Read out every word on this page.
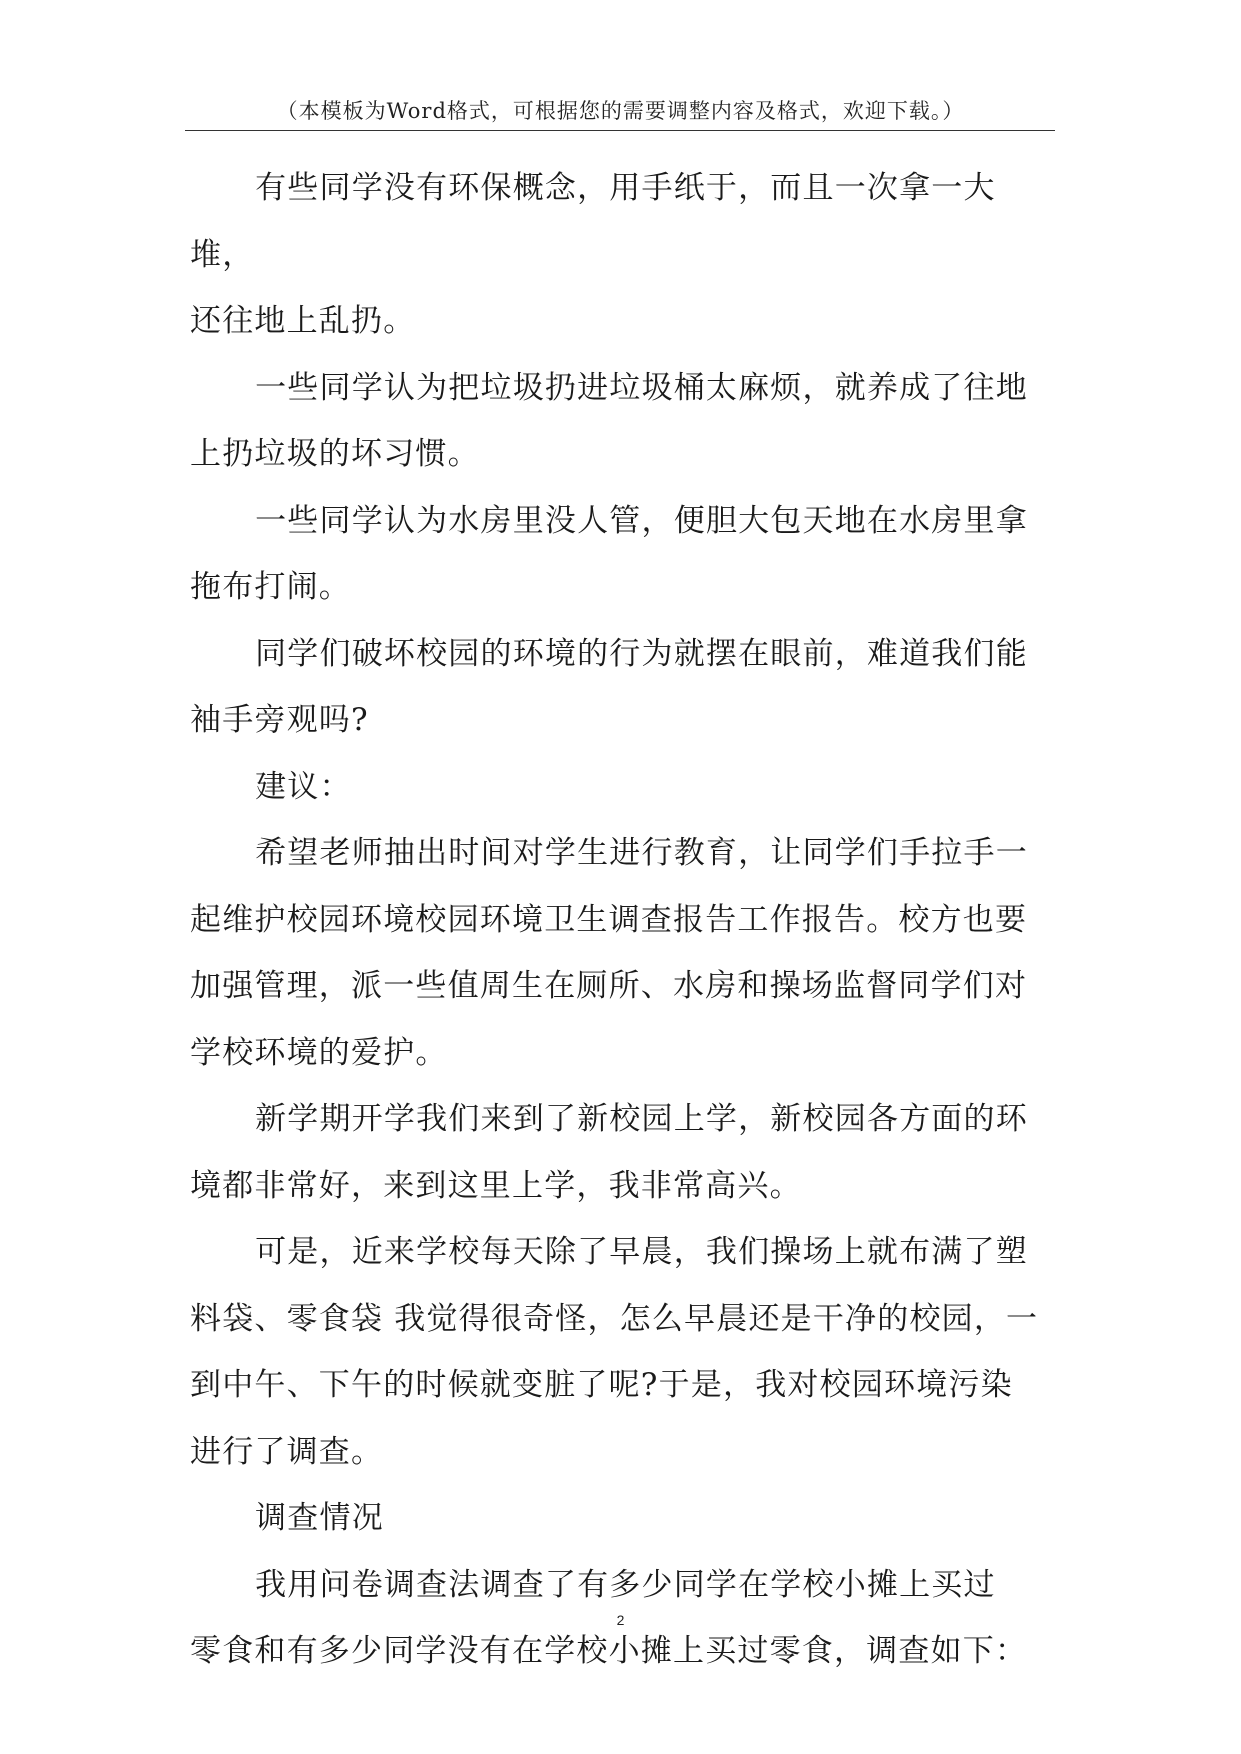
（本模板为Word格式，可根据您的需要调整内容及格式，欢迎下载。）

有些同学没有环保概念，用手纸于，而且一次拿一大堆，
还往地上乱扔。

一些同学认为把垃圾扔进垃圾桶太麻烦，就养成了往地
上扔垃圾的坏习惯。

一些同学认为水房里没人管，便胆大包天地在水房里拿
拖布打闹。

同学们破坏校园的环境的行为就摆在眼前，难道我们能
袖手旁观吗?

建议：

希望老师抽出时间对学生进行教育，让同学们手拉手一
起维护校园环境校园环境卫生调查报告工作报告。校方也要
加强管理，派一些值周生在厕所、水房和操场监督同学们对
学校环境的爱护。

新学期开学我们来到了新校园上学，新校园各方面的环
境都非常好，来到这里上学，我非常高兴。

可是，近来学校每天除了早晨，我们操场上就布满了塑
料袋、零食袋 我觉得很奇怪，怎么早晨还是干净的校园，一
到中午、下午的时候就变脏了呢?于是，我对校园环境污染
进行了调查。

调查情况

我用问卷调查法调查了有多少同学在学校小摊上买过
零食和有多少同学没有在学校小摊上买过零食，调查如下：

2
